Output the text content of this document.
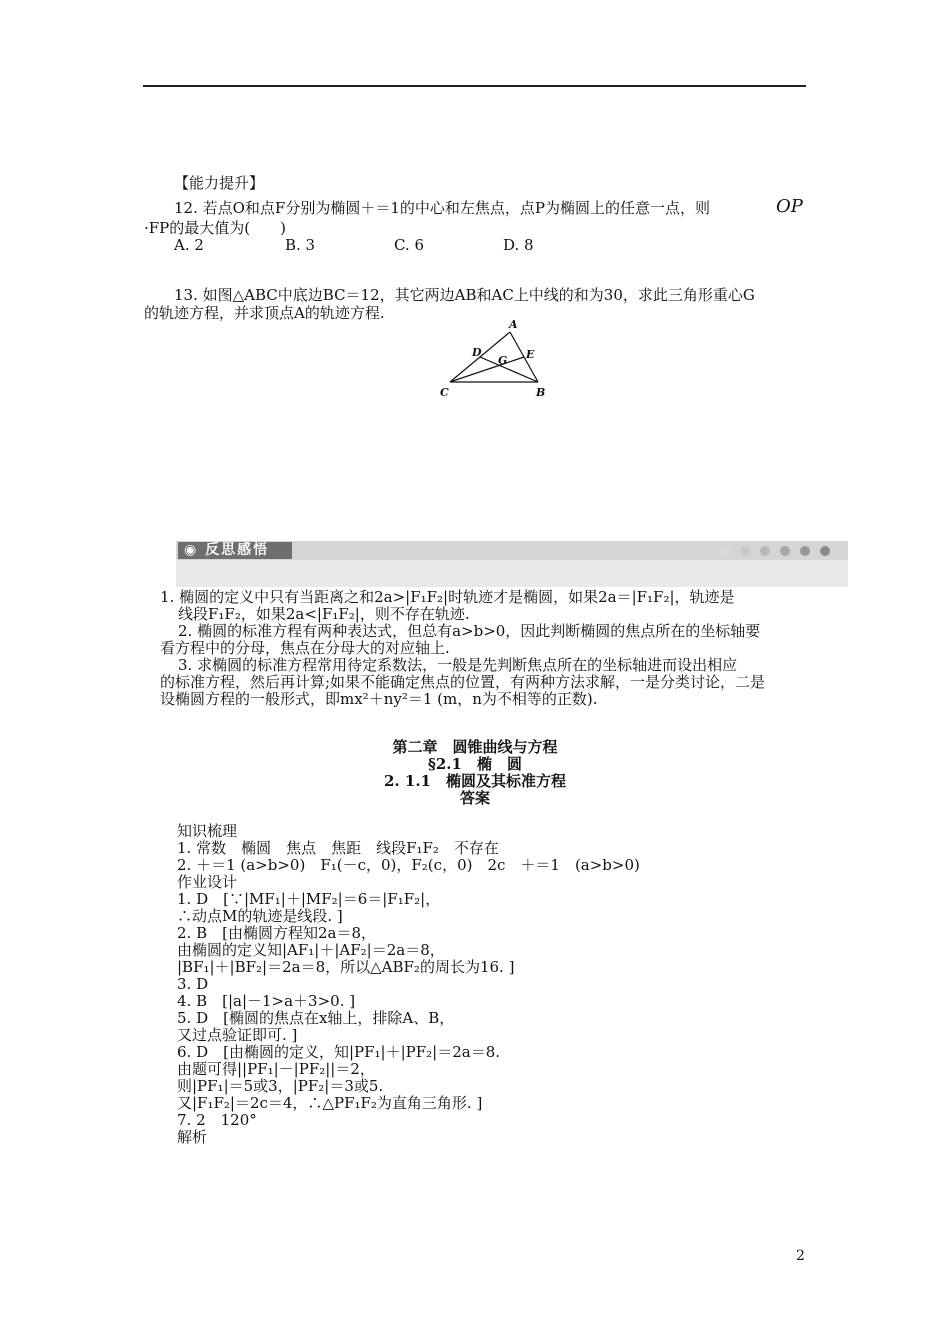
【能力提升】
12. 若点O和点F分别为椭圆＋＝1的中心和左焦点，点P为椭圆上的任意一点，则	OP
·FP的最大值为(　　)
A. 2	B. 3	C. 6	D. 8
13. 如图△ABC中底边BC＝12，其它两边AB和AC上中线的和为30，求此三角形重心G
的轨迹方程，并求顶点A的轨迹方程.
A
B
C
D	E
G
◉ 反思感悟
1. 椭圆的定义中只有当距离之和2a>|F₁F₂|时轨迹才是椭圆，如果2a＝|F₁F₂|，轨迹是
线段F₁F₂，如果2a<|F₁F₂|，则不存在轨迹.
2. 椭圆的标准方程有两种表达式，但总有a>b>0，因此判断椭圆的焦点所在的坐标轴要
看方程中的分母，焦点在分母大的对应轴上.
3. 求椭圆的标准方程常用待定系数法，一般是先判断焦点所在的坐标轴进而设出相应
的标准方程，然后再计算;如果不能确定焦点的位置，有两种方法求解，一是分类讨论，二是
设椭圆方程的一般形式，即mx²＋ny²＝1 (m，n为不相等的正数).
第二章　圆锥曲线与方程
§2.1　椭　圆
2. 1.1　椭圆及其标准方程
答案
知识梳理
1. 常数　椭圆　焦点　焦距　线段F₁F₂　不存在
2. ＋＝1 (a>b>0)　F₁(－c，0)，F₂(c，0)　2c　＋＝1　(a>b>0)
作业设计
1. D　[∵|MF₁|＋|MF₂|＝6＝|F₁F₂|，
∴动点M的轨迹是线段. ]
2. B　[由椭圆方程知2a＝8，
由椭圆的定义知|AF₁|＋|AF₂|＝2a＝8，
|BF₁|＋|BF₂|＝2a＝8，所以△ABF₂的周长为16. ]
3. D
4. B　[|a|－1>a＋3>0. ]
5. D　[椭圆的焦点在x轴上，排除A、B，
又过点验证即可. ]
6. D　[由椭圆的定义，知|PF₁|＋|PF₂|＝2a＝8.
由题可得||PF₁|－|PF₂||＝2，
则|PF₁|＝5或3，|PF₂|＝3或5.
又|F₁F₂|＝2c＝4，∴△PF₁F₂为直角三角形. ]
7. 2　120°
解析
2
